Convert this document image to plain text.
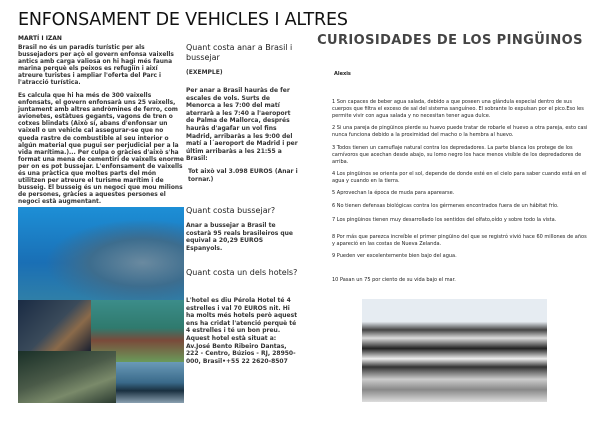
ENFONSAMENT DE VEHICLES I ALTRES
MARTÍ I IZAN
Brasil no és un paradís turístic per als bussejadors per açò el govern enfonsa vaixells antics amb carga valiosa on hi hagi més fauna marina perquè els peixos es refugiïn i així atreure turistes i ampliar l'oferta del Parc i l'atracció turística.
Es calcula que hi ha més de 300 vaixells enfonsats, el govern enfonsarà uns 25 vaixells, juntament amb altres andròmines de ferro, com avionetes, estàtues gegants, vagons de tren o cotxes blindats (Això sí, abans d'enfonsar un vaixell o un vehicle cal assegurar-se que no queda rastre de combustible al seu interior o algún material que pugui ser perjudicial per a la vida marítima.)... Per culpa o gràcies d'això s'ha format una mena de cementiri de vaixells enorme per on es pot bussejar. L'enfonsament de vaixells és una pràctica que moltes parts del món utilitzen per atreure el turisme marítim i de busseig. El busseig és un negoci que mou milions de persones, gràcies a aquestes persones el negoci està augmentant.
Quant costa anar a Brasil i bussejar
(EXEMPLE)
Per anar a Brasil hauràs de fer escales de vols. Surts de Menorca a les 7:00 del matí aterrarà a les 7:40 a l'aeroport de Palma de Mallorca, després hauràs d'agafar un vol fins Madrid, arribaràs a les 9:00 del matí a l´aeroport de Madrid i per últim arribaràs a les 21:55 a Brasil:
Tot això val 3.098 EUROS (Anar i tornar.)
Quant costa bussejar?
Anar a bussejar a Brasil te costarà 95 reals brasileiros que equival a 20,29 EUROS Espanyols.
Quant costa un dels hotels?
L'hotel es diu Pérola Hotel té 4 estrelles i val 70 EUROS nit. Hi ha molts més hotels però aquest ens ha cridat l'atenció perquè té 4 estrelles i té un bon preu.
Aquest hotel està situat a: Av.José Bento Ribeiro Dantas, 222 - Centro, Búzios - RJ, 28950-000, Brasil•+55 22 2620-8507
CURIOSIDADES DE LOS PINGÜINOS
Alexis
1 Son capaces de beber agua salada, debido a que poseen una glándula especial dentro de sus cuerpos que filtra el exceso de sal del sistema sanguíneo. El sobrante lo expulsan por el pico.Eso les permite vivir con agua salada y no necesitan tener agua dulce.
2 Si una pareja de pingüinos pierde su huevo puede tratar de robarle el huevo a otra pareja, esto casi nunca funciona debido a la proximidad del macho o la hembra al huevo.
3 Todos tienen un camuflaje natural contra los depredadores. La parte blanca los protege de los carnívoros que acechan desde abajo, su lomo negro los hace menos visible de los depredadores de arriba.
4 Los pingüinos se orienta por el sol, depende de donde esté en el cielo para saber cuando está en el agua y cuando en la tierra.
5 Aprovechan la época de muda para aparearse.
6 No tienen defensas biológicas contra los gérmenes encontrados fuera de un hábitat frío.
7 Los pingüinos tienen muy desarrollado los sentidos del olfato,oído y sobre todo la vista.
8 Por más que parezca increíble el primer pingüino del que se registró vivió hace 60 millones de años y apareció en las costas de Nueva Zelanda.
9 Pueden ver excelentemente bien bajo del agua.
10 Pasan un 75 por ciento de su vida bajo el mar.
